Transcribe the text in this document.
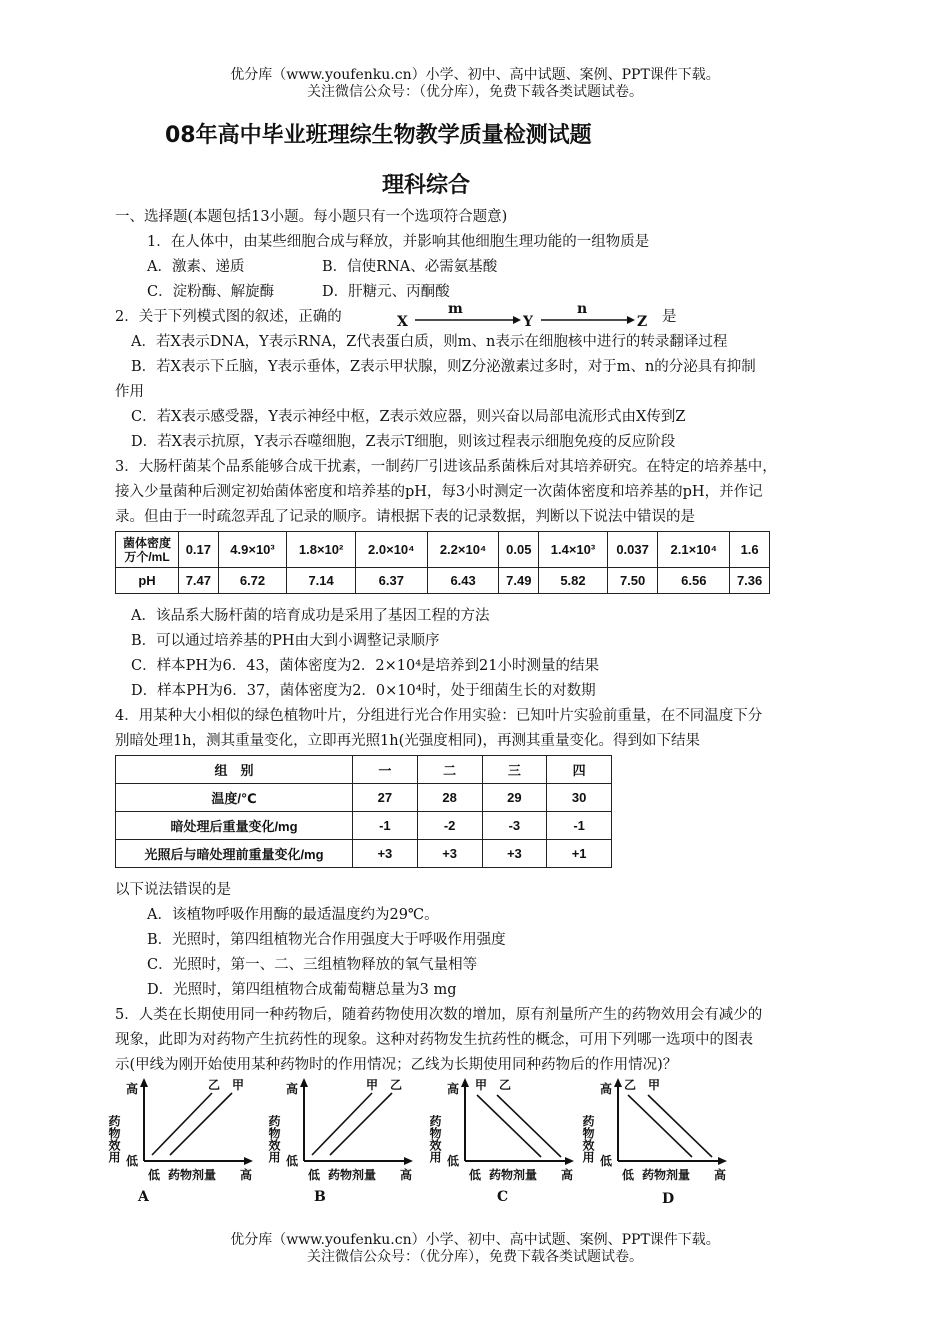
优分库（www.youfenku.cn）小学、初中、高中试题、案例、PPT课件下载。
关注微信公众号：（优分库），免费下载各类试题试卷。
08年高中毕业班理综生物教学质量检测试题
理科综合
一、选择题(本题包括13小题。每小题只有一个选项符合题意)
1．在人体中，由某些细胞合成与释放，并影响其他细胞生理功能的一组物质是
A．激素、递质	B．信使RNA、必需氨基酸
C．淀粉酶、解旋酶	D．肝糖元、丙酮酸
2．关于下列模式图的叙述，正确的	X
m
Y
n
Z 是
A．若X表示DNA，Y表示RNA，Z代表蛋白质，则m、n表示在细胞核中进行的转录翻译过程
B．若X表示下丘脑，Y表示垂体，Z表示甲状腺，则Z分泌激素过多时，对于m、n的分泌具有抑制
作用
C．若X表示感受器，Y表示神经中枢，Z表示效应器，则兴奋以局部电流形式由X传到Z
D．若X表示抗原，Y表示吞噬细胞，Z表示T细胞，则该过程表示细胞免疫的反应阶段
3．大肠杆菌某个品系能够合成干扰素，一制药厂引进该品系菌株后对其培养研究。在特定的培养基中，
接入少量菌种后测定初始菌体密度和培养基的pH，每3小时测定一次菌体密度和培养基的pH，并作记
录。但由于一时疏忽弄乱了记录的顺序。请根据下表的记录数据，判断以下说法中错误的是
菌体密度
万个/mL	0.17	4.9×10³	1.8×10²	2.0×10⁴	2.2×10⁴	0.05	1.4×10³	0.037	2.1×10⁴	1.6
pH	7.47	6.72	7.14	6.37	6.43	7.49	5.82	7.50	6.56	7.36
A．该品系大肠杆菌的培育成功是采用了基因工程的方法
B．可以通过培养基的PH由大到小调整记录顺序
C．样本PH为6．43，菌体密度为2．2×10⁴是培养到21小时测量的结果
D．样本PH为6．37，菌体密度为2．0×10⁴时，处于细菌生长的对数期
4．用某种大小相似的绿色植物叶片，分组进行光合作用实验：已知叶片实验前重量，在不同温度下分
别暗处理1h，测其重量变化，立即再光照1h(光强度相同)，再测其重量变化。得到如下结果
组　别	一	二	三	四
温度/℃	27	28	29	30
暗处理后重量变化/mg	-1	-2	-3	-1
光照后与暗处理前重量变化/mg	+3	+3	+3	+1
以下说法错误的是
A．该植物呼吸作用酶的最适温度约为29℃。
B．光照时，第四组植物光合作用强度大于呼吸作用强度
C．光照时，第一、二、三组植物释放的氧气量相等
D．光照时，第四组植物合成葡萄糖总量为3 mg
5．人类在长期使用同一种药物后，随着药物使用次数的增加，原有剂量所产生的药物效用会有减少的
现象，此即为对药物产生抗药性的现象。这种对药物发生抗药性的概念，可用下列哪一选项中的图表
示(甲线为刚开始使用某种药物时的作用情况；乙线为长期使用同种药物后的作用情况)？
高
药物效用 低
低 药物剂量 高
乙 甲
A
高
药物效用 低
低 药物剂量 高
甲 乙
B
高
药物效用 低
低 药物剂量 高
甲 乙
C
高
药物效用 低
低 药物剂量 高
乙 甲
D
优分库（www.youfenku.cn）小学、初中、高中试题、案例、PPT课件下载。
关注微信公众号：（优分库），免费下载各类试题试卷。
